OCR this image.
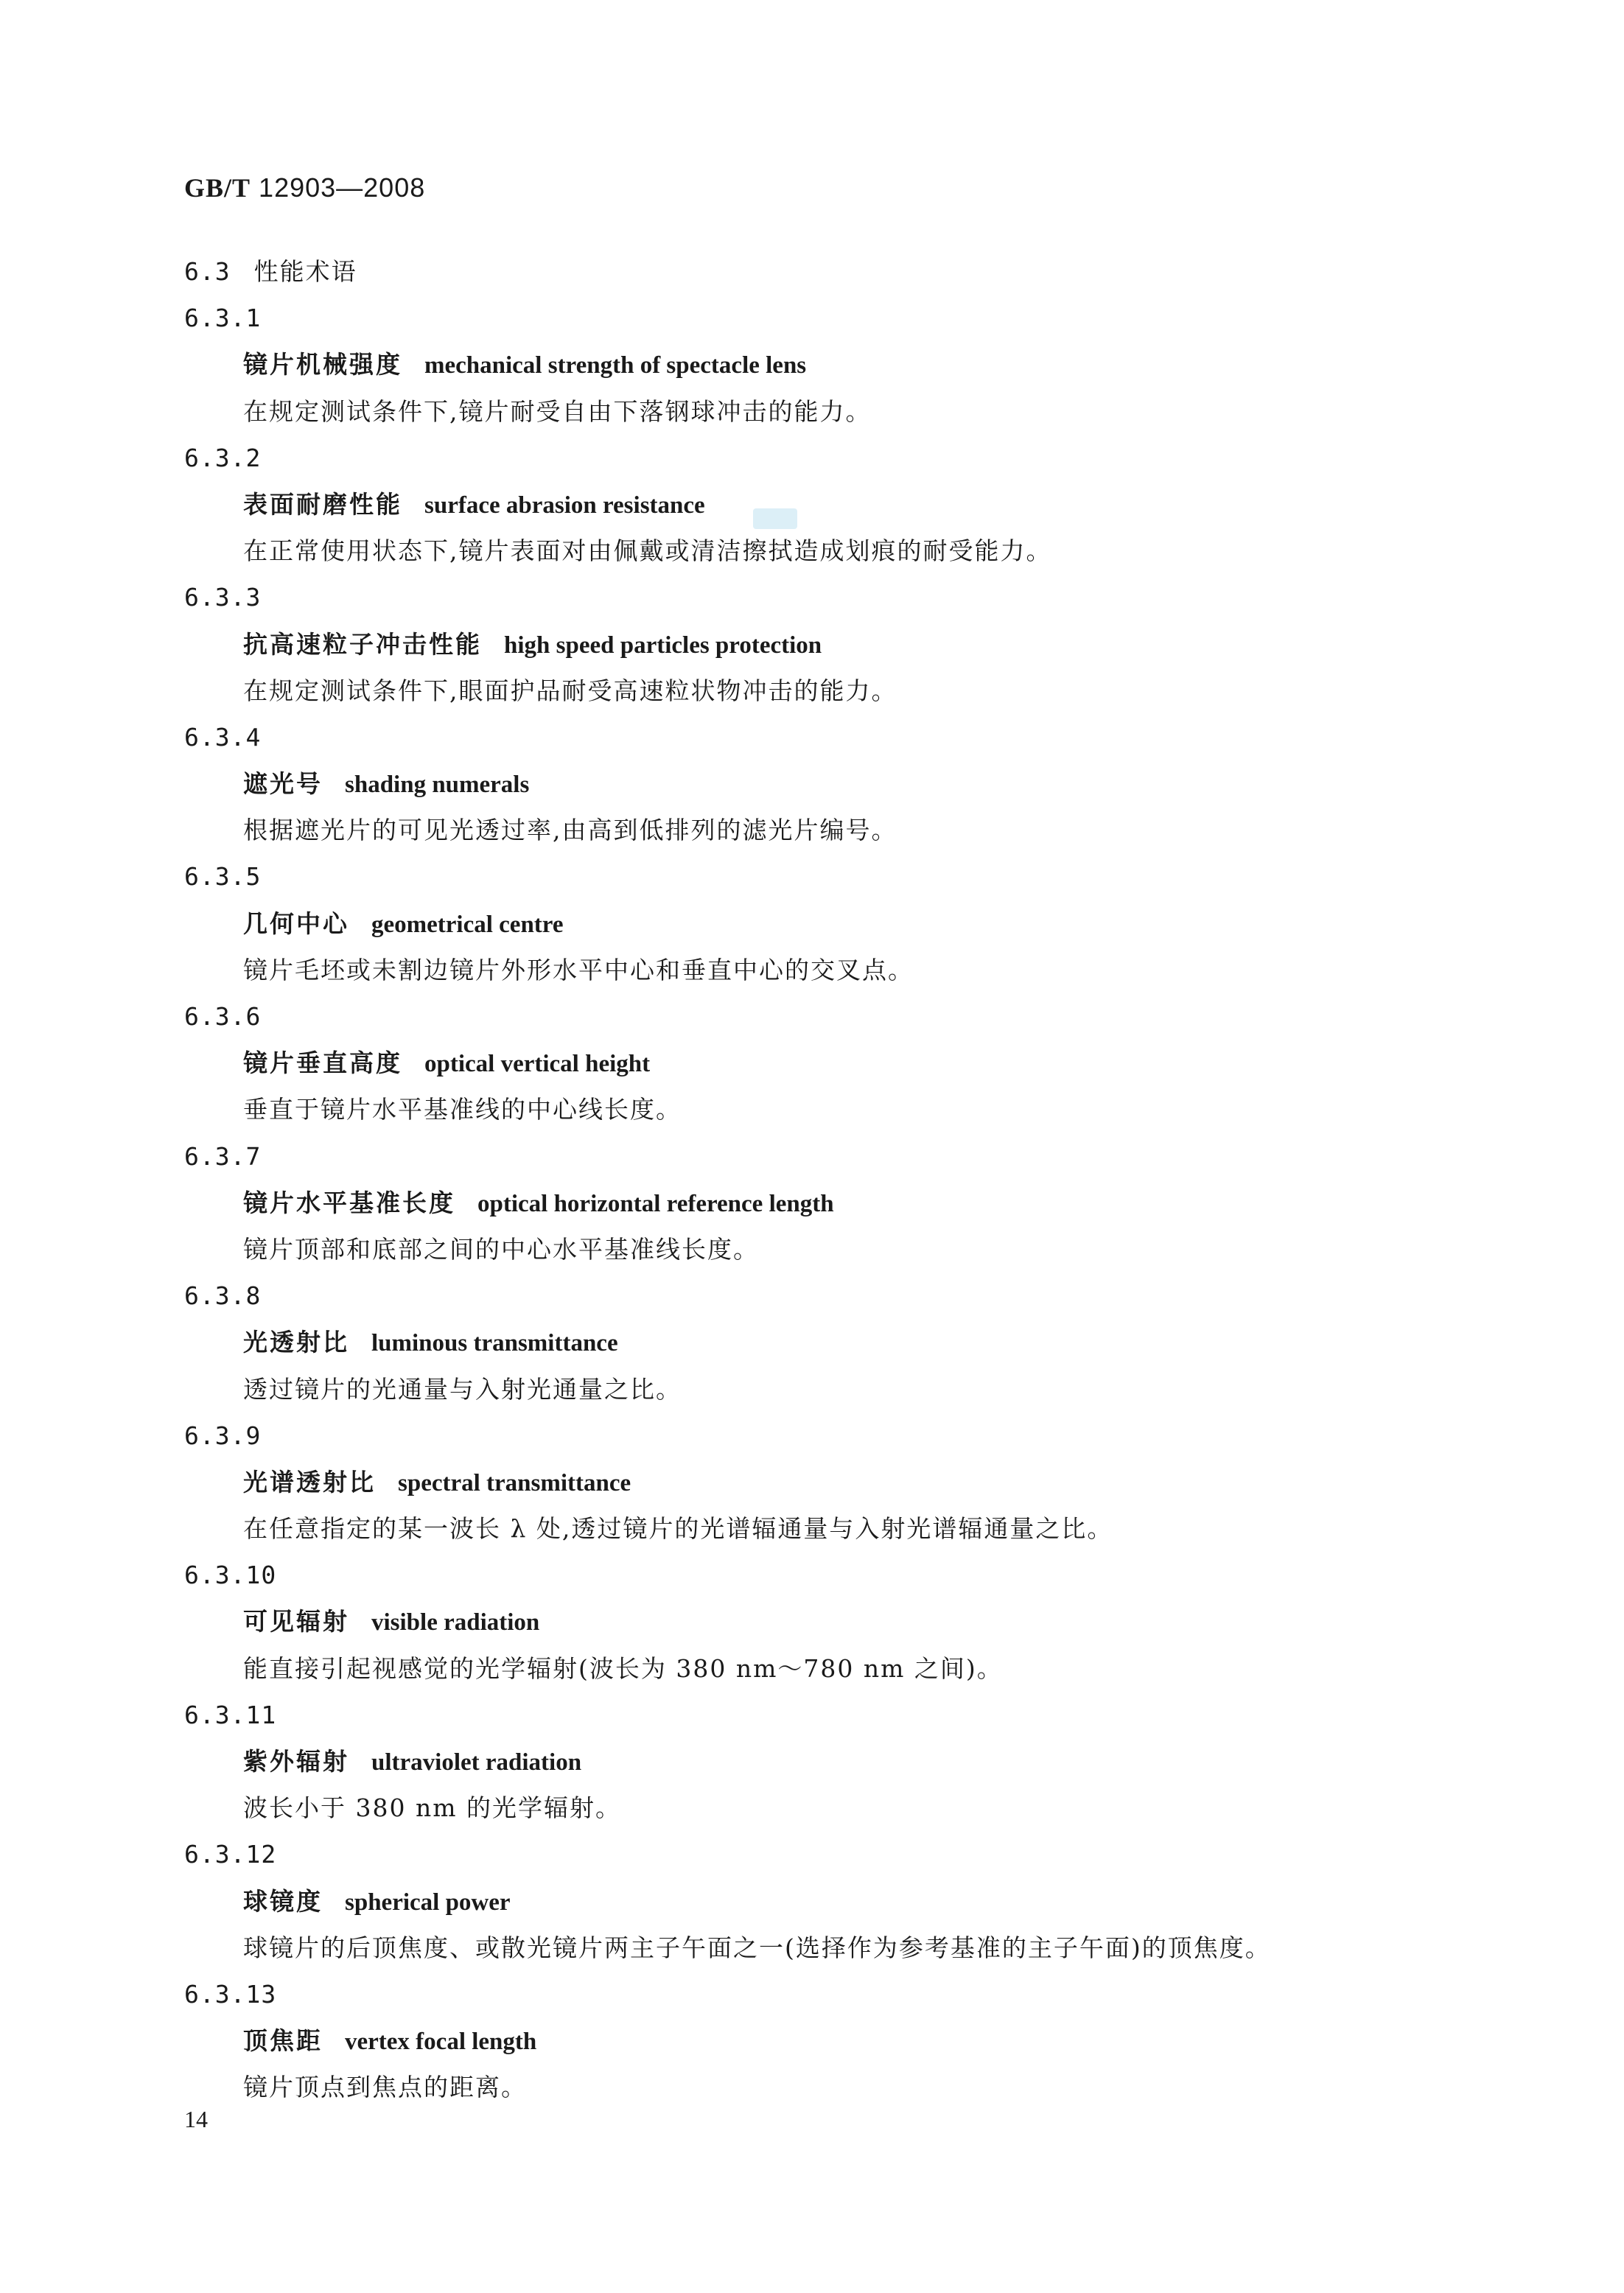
GB/T 12903—2008
6.3 性能术语
6.3.1
镜片机械强度 mechanical strength of spectacle lens
在规定测试条件下,镜片耐受自由下落钢球冲击的能力。
6.3.2
表面耐磨性能 surface abrasion resistance
在正常使用状态下,镜片表面对由佩戴或清洁擦拭造成划痕的耐受能力。
6.3.3
抗高速粒子冲击性能 high speed particles protection
在规定测试条件下,眼面护品耐受高速粒状物冲击的能力。
6.3.4
遮光号 shading numerals
根据遮光片的可见光透过率,由高到低排列的滤光片编号。
6.3.5
几何中心 geometrical centre
镜片毛坯或未割边镜片外形水平中心和垂直中心的交叉点。
6.3.6
镜片垂直高度 optical vertical height
垂直于镜片水平基准线的中心线长度。
6.3.7
镜片水平基准长度 optical horizontal reference length
镜片顶部和底部之间的中心水平基准线长度。
6.3.8
光透射比 luminous transmittance
透过镜片的光通量与入射光通量之比。
6.3.9
光谱透射比 spectral transmittance
在任意指定的某一波长 λ 处,透过镜片的光谱辐通量与入射光谱辐通量之比。
6.3.10
可见辐射 visible radiation
能直接引起视感觉的光学辐射(波长为 380 nm～780 nm 之间)。
6.3.11
紫外辐射 ultraviolet radiation
波长小于 380 nm 的光学辐射。
6.3.12
球镜度 spherical power
球镜片的后顶焦度、或散光镜片两主子午面之一(选择作为参考基准的主子午面)的顶焦度。
6.3.13
顶焦距 vertex focal length
镜片顶点到焦点的距离。
14
